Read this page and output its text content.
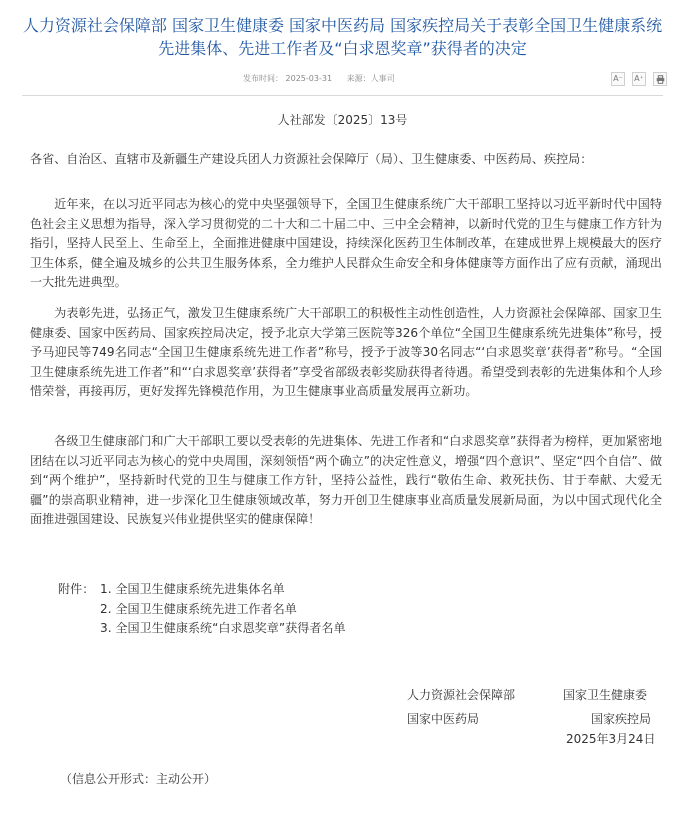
人力资源社会保障部 国家卫生健康委 国家中医药局 国家疾控局关于表彰全国卫生健康系统
先进集体、先进工作者及“白求恩奖章”获得者的决定
发布时间： 2025-03-31 来源：人事司	A⁻ A⁺
人社部发〔2025〕13号

各省、自治区、直辖市及新疆生产建设兵团人力资源社会保障厅（局）、卫生健康委、中医药局、疾控局：

近年来，在以习近平同志为核心的党中央坚强领导下，全国卫生健康系统广大干部职工坚持以习近平新时代中国特色社会主义思想为指导，深入学习贯彻党的二十大和二十届二中、三中全会精神，以新时代党的卫生与健康工作方针为指引，坚持人民至上、生命至上，全面推进健康中国建设，持续深化医药卫生体制改革，在建成世界上规模最大的医疗卫生体系，健全遍及城乡的公共卫生服务体系，全力维护人民群众生命安全和身体健康等方面作出了应有贡献，涌现出一大批先进典型。

为表彰先进，弘扬正气，激发卫生健康系统广大干部职工的积极性主动性创造性，人力资源社会保障部、国家卫生健康委、国家中医药局、国家疾控局决定，授予北京大学第三医院等326个单位“全国卫生健康系统先进集体”称号，授予马迎民等749名同志“全国卫生健康系统先进工作者”称号，授予于波等30名同志“‘白求恩奖章’获得者”称号。“全国卫生健康系统先进工作者”和“‘白求恩奖章’获得者”享受省部级表彰奖励获得者待遇。希望受到表彰的先进集体和个人珍惜荣誉，再接再厉，更好发挥先锋模范作用，为卫生健康事业高质量发展再立新功。

各级卫生健康部门和广大干部职工要以受表彰的先进集体、先进工作者和“白求恩奖章”获得者为榜样，更加紧密地团结在以习近平同志为核心的党中央周围，深刻领悟“两个确立”的决定性意义，增强“四个意识”、坚定“四个自信”、做到“两个维护”，坚持新时代党的卫生与健康工作方针，坚持公益性，践行“敬佑生命、救死扶伤、甘于奉献、大爱无疆”的崇高职业精神，进一步深化卫生健康领域改革，努力开创卫生健康事业高质量发展新局面，为以中国式现代化全面推进强国建设、民族复兴伟业提供坚实的健康保障！

附件： 1. 全国卫生健康系统先进集体名单
2. 全国卫生健康系统先进工作者名单
3. 全国卫生健康系统“白求恩奖章”获得者名单
人力资源社会保障部	国家卫生健康委
国家中医药局	国家疾控局
2025年3月24日
（信息公开形式：主动公开）
